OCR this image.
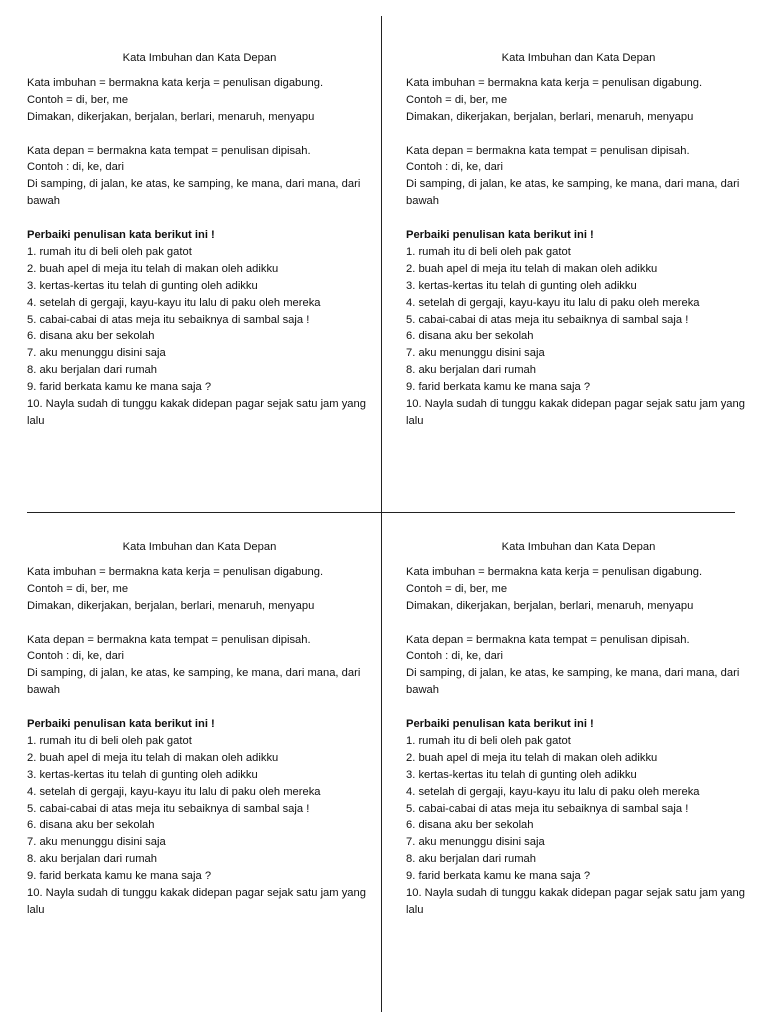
Kata Imbuhan dan Kata Depan
Kata imbuhan = bermakna kata kerja = penulisan digabung.
Contoh = di, ber, me
Dimakan, dikerjakan, berjalan, berlari, menaruh, menyapu
Kata depan = bermakna kata tempat = penulisan dipisah.
Contoh : di, ke, dari
Di samping, di jalan, ke atas, ke samping, ke mana, dari mana, dari bawah
Perbaiki penulisan kata berikut ini !
1. rumah itu di beli oleh pak gatot
2. buah apel di meja itu telah di makan oleh adikku
3. kertas-kertas itu telah di gunting oleh adikku
4. setelah di gergaji, kayu-kayu itu lalu di paku oleh mereka
5. cabai-cabai di atas meja itu sebaiknya di sambal saja !
6. disana aku ber sekolah
7. aku menunggu disini saja
8. aku berjalan dari rumah
9. farid berkata kamu ke mana saja ?
10. Nayla sudah di tunggu kakak didepan pagar sejak satu jam yang lalu
Kata Imbuhan dan Kata Depan
Kata imbuhan = bermakna kata kerja = penulisan digabung.
Contoh = di, ber, me
Dimakan, dikerjakan, berjalan, berlari, menaruh, menyapu
Kata depan = bermakna kata tempat = penulisan dipisah.
Contoh : di, ke, dari
Di samping, di jalan, ke atas, ke samping, ke mana, dari mana, dari bawah
Perbaiki penulisan kata berikut ini !
1. rumah itu di beli oleh pak gatot
2. buah apel di meja itu telah di makan oleh adikku
3. kertas-kertas itu telah di gunting oleh adikku
4. setelah di gergaji, kayu-kayu itu lalu di paku oleh mereka
5. cabai-cabai di atas meja itu sebaiknya di sambal saja !
6. disana aku ber sekolah
7. aku menunggu disini saja
8. aku berjalan dari rumah
9. farid berkata kamu ke mana saja ?
10. Nayla sudah di tunggu kakak didepan pagar sejak satu jam yang lalu
Kata Imbuhan dan Kata Depan
Kata imbuhan = bermakna kata kerja = penulisan digabung.
Contoh = di, ber, me
Dimakan, dikerjakan, berjalan, berlari, menaruh, menyapu
Kata depan = bermakna kata tempat = penulisan dipisah.
Contoh : di, ke, dari
Di samping, di jalan, ke atas, ke samping, ke mana, dari mana, dari bawah
Perbaiki penulisan kata berikut ini !
1. rumah itu di beli oleh pak gatot
2. buah apel di meja itu telah di makan oleh adikku
3. kertas-kertas itu telah di gunting oleh adikku
4. setelah di gergaji, kayu-kayu itu lalu di paku oleh mereka
5. cabai-cabai di atas meja itu sebaiknya di sambal saja !
6. disana aku ber sekolah
7. aku menunggu disini saja
8. aku berjalan dari rumah
9. farid berkata kamu ke mana saja ?
10. Nayla sudah di tunggu kakak didepan pagar sejak satu jam yang lalu
Kata Imbuhan dan Kata Depan
Kata imbuhan = bermakna kata kerja = penulisan digabung.
Contoh = di, ber, me
Dimakan, dikerjakan, berjalan, berlari, menaruh, menyapu
Kata depan = bermakna kata tempat = penulisan dipisah.
Contoh : di, ke, dari
Di samping, di jalan, ke atas, ke samping, ke mana, dari mana, dari bawah
Perbaiki penulisan kata berikut ini !
1. rumah itu di beli oleh pak gatot
2. buah apel di meja itu telah di makan oleh adikku
3. kertas-kertas itu telah di gunting oleh adikku
4. setelah di gergaji, kayu-kayu itu lalu di paku oleh mereka
5. cabai-cabai di atas meja itu sebaiknya di sambal saja !
6. disana aku ber sekolah
7. aku menunggu disini saja
8. aku berjalan dari rumah
9. farid berkata kamu ke mana saja ?
10. Nayla sudah di tunggu kakak didepan pagar sejak satu jam yang lalu
